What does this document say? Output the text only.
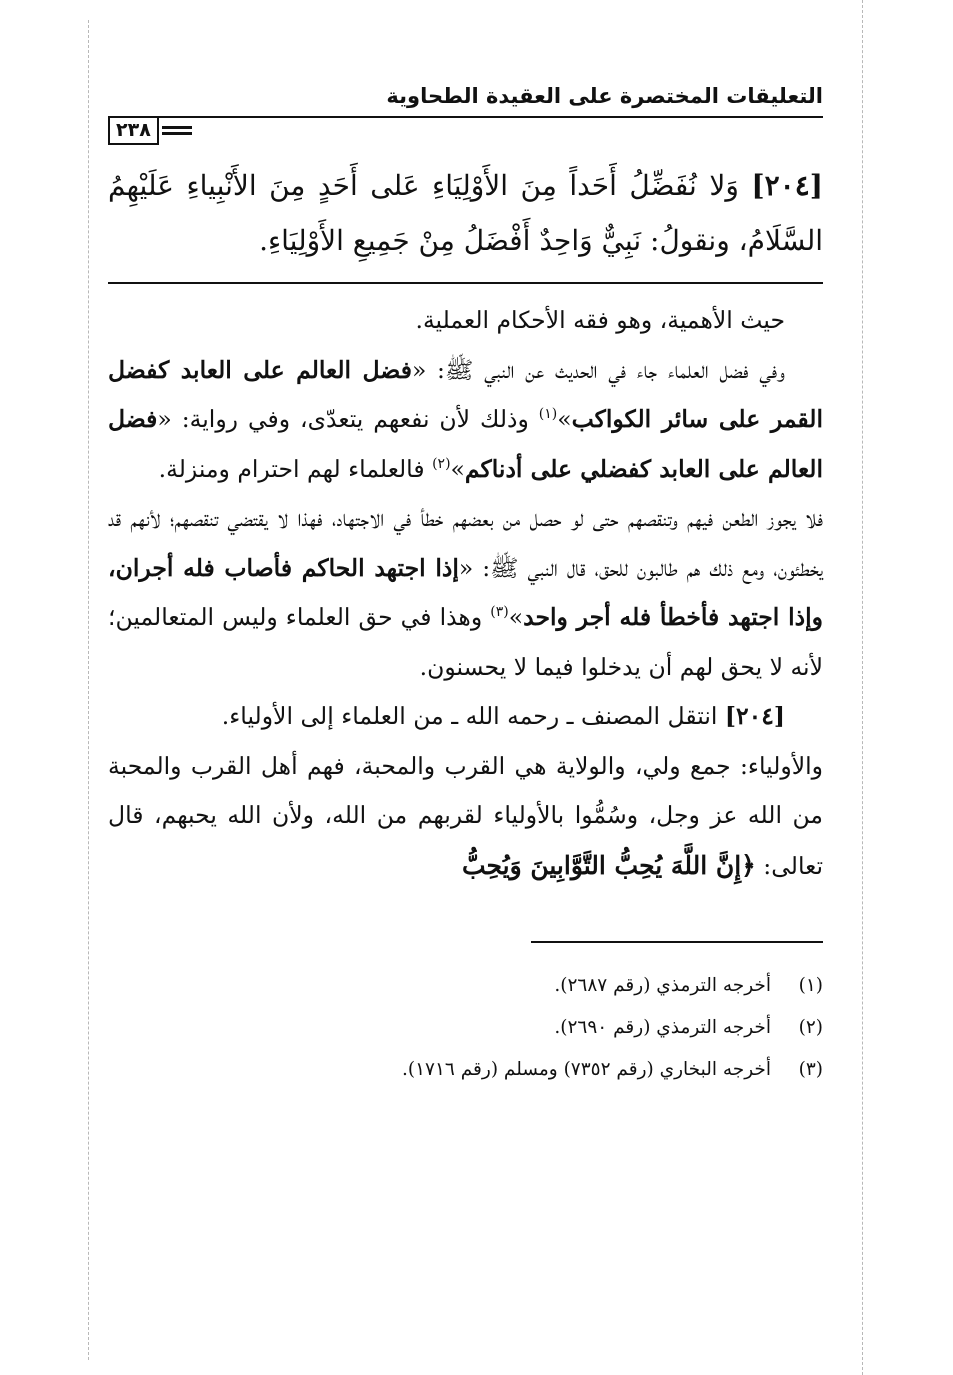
التعليقات المختصرة على العقيدة الطحاوية
٢٣٨
[٢٠٤] وَلا نُفَضِّلُ أَحَداً مِنَ الأَوْلِيَاءِ عَلى أَحَدٍ مِنَ الأَنْبِياءِ عَلَيْهِمُ السَّلَامُ، ونقولُ: نَبِيٌّ وَاحِدٌ أَفْضَلُ مِنْ جَمِيعِ الأَوْلِيَاءِ.

حيث الأهمية، وهو فقه الأحكام العملية.

وفي فضل العلماء جاء في الحديث عن النبي ﷺ: «فضل العالم على العابد كفضل القمر على سائر الكواكب»$^{(١)}$ وذلك لأن نفعهم يتعدّى، وفي رواية: «فضل العالم على العابد كفضلي على أدناكم»$^{(٢)}$ فالعلماء لهم احترام ومنزلة.

فلا يجوز الطعن فيهم وتنقصهم حتى لو حصل من بعضهم خطأ في الاجتهاد، فهذا لا يقتضي تنقصهم؛ لأنهم قد يخطئون، ومع ذلك هم طالبون للحق، قال النبي ﷺ: «إذا اجتهد الحاكم فأصاب فله أجران، وإذا اجتهد فأخطأ فله أجر واحد»$^{(٣)}$ وهذا في حق العلماء وليس المتعالمين؛ لأنه لا يحق لهم أن يدخلوا فيما لا يحسنون.

[٢٠٤] انتقل المصنف ـ رحمه الله ـ من العلماء إلى الأولياء.

والأولياء: جمع ولي، والولاية هي القرب والمحبة، فهم أهل القرب والمحبة من الله عز وجل، وسُمُّوا بالأولياء لقربهم من الله، ولأن الله يحبهم، قال تعالى: ﴿إِنَّ اللَّهَ يُحِبُّ التَّوَّابِينَ وَيُحِبُّ

(١)
أخرجه الترمذي (رقم ٢٦٨٧).
(٢)
أخرجه الترمذي (رقم ٢٦٩٠).
(٣)
أخرجه البخاري (رقم ٧٣٥٢) ومسلم (رقم ١٧١٦).
